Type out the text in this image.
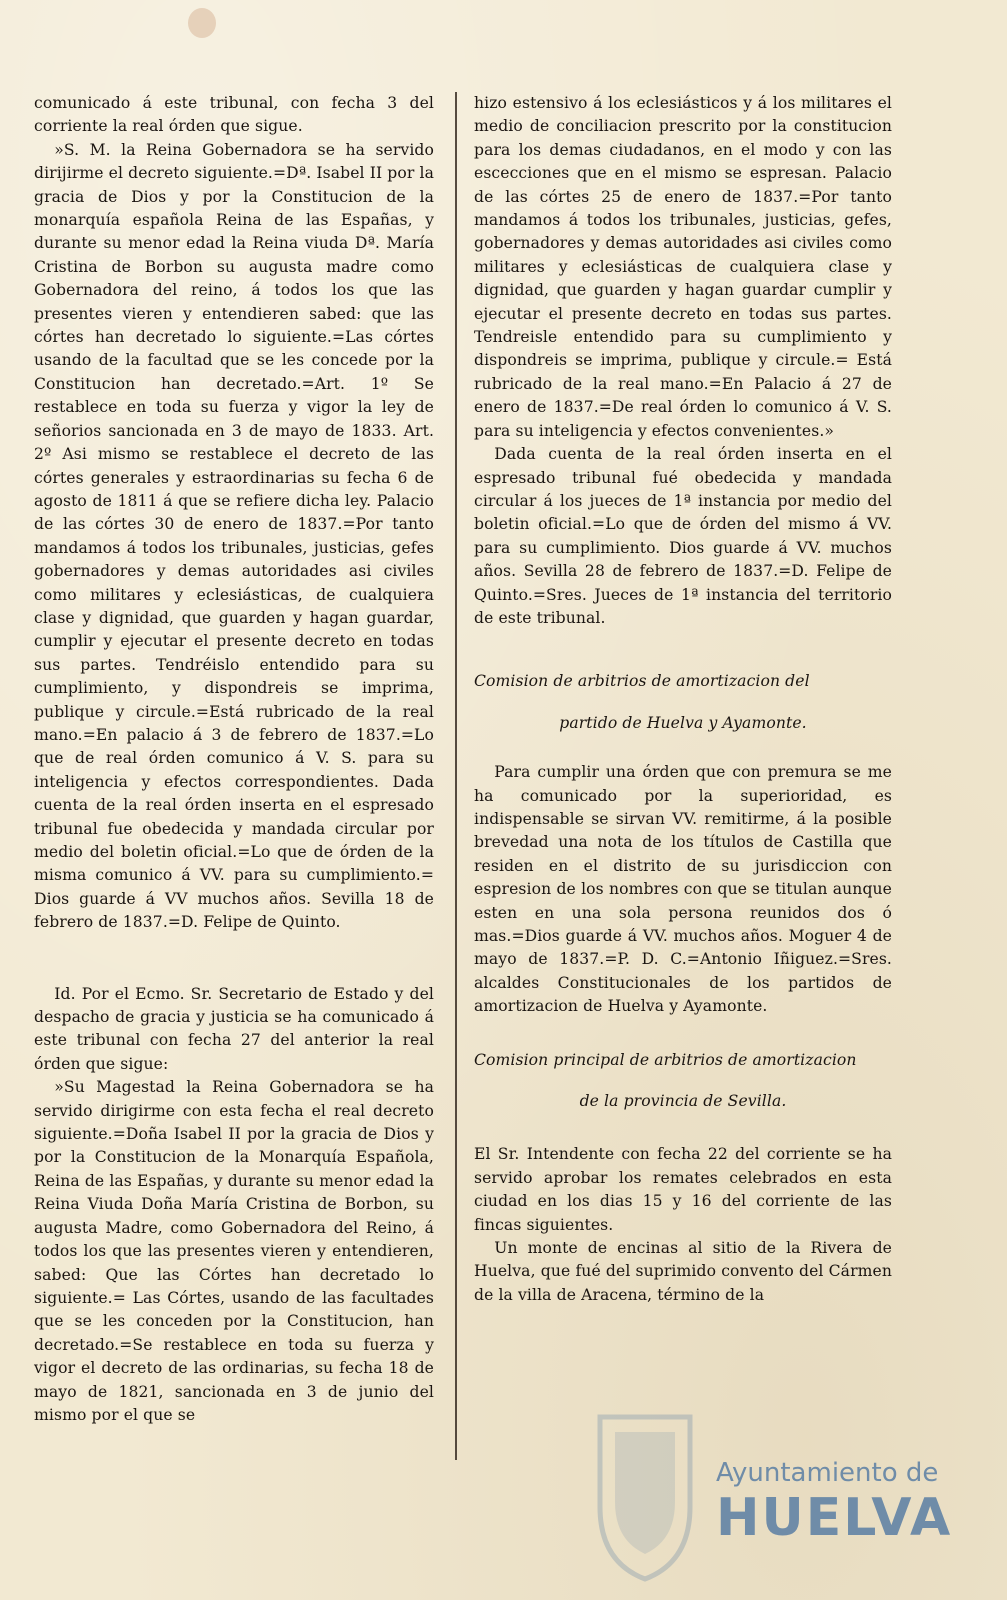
comunicado á este tribunal, con fecha 3 del corriente la real órden que sigue.

»S. M. la Reina Gobernadora se ha servido dirijirme el decreto siguiente.=Dª. Isabel II por la gracia de Dios y por la Constitucion de la monarquía española Reina de las Españas, y durante su menor edad la Reina viuda Dª. María Cristina de Borbon su augusta madre como Gobernadora del reino, á todos los que las presentes vieren y entendieren sabed: que las córtes han decretado lo siguiente.=Las córtes usando de la facultad que se les concede por la Constitucion han decretado.=Art. 1º Se restablece en toda su fuerza y vigor la ley de señorios sancionada en 3 de mayo de 1833. Art. 2º Asi mismo se restablece el decreto de las córtes generales y estraordinarias su fecha 6 de agosto de 1811 á que se refiere dicha ley. Palacio de las córtes 30 de enero de 1837.=Por tanto mandamos á todos los tribunales, justicias, gefes gobernadores y demas autoridades asi civiles como militares y eclesiásticas, de cualquiera clase y dignidad, que guarden y hagan guardar, cumplir y ejecutar el presente decreto en todas sus partes. Tendréislo entendido para su cumplimiento, y dispondreis se imprima, publique y circule.=Está rubricado de la real mano.=En palacio á 3 de febrero de 1837.=Lo que de real órden comunico á V. S. para su inteligencia y efectos correspondientes. Dada cuenta de la real órden inserta en el espresado tribunal fue obedecida y mandada circular por medio del boletin oficial.=Lo que de órden de la misma comunico á VV. para su cumplimiento.= Dios guarde á VV muchos años. Sevilla 18 de febrero de 1837.=D. Felipe de Quinto.

Id. Por el Ecmo. Sr. Secretario de Estado y del despacho de gracia y justicia se ha comunicado á este tribunal con fecha 27 del anterior la real órden que sigue:

»Su Magestad la Reina Gobernadora se ha servido dirigirme con esta fecha el real decreto siguiente.=Doña Isabel II por la gracia de Dios y por la Constitucion de la Monarquía Española, Reina de las Españas, y durante su menor edad la Reina Viuda Doña María Cristina de Borbon, su augusta Madre, como Gobernadora del Reino, á todos los que las presentes vieren y entendieren, sabed: Que las Córtes han decretado lo siguiente.= Las Córtes, usando de las facultades que se les conceden por la Constitucion, han decretado.=Se restablece en toda su fuerza y vigor el decreto de las ordinarias, su fecha 18 de mayo de 1821, sancionada en 3 de junio del mismo por el que se

hizo estensivo á los eclesiásticos y á los militares el medio de conciliacion prescrito por la constitucion para los demas ciudadanos, en el modo y con las escecciones que en el mismo se espresan. Palacio de las córtes 25 de enero de 1837.=Por tanto mandamos á todos los tribunales, justicias, gefes, gobernadores y demas autoridades asi civiles como militares y eclesiásticas de cualquiera clase y dignidad, que guarden y hagan guardar cumplir y ejecutar el presente decreto en todas sus partes. Tendreisle entendido para su cumplimiento y dispondreis se imprima, publique y circule.= Está rubricado de la real mano.=En Palacio á 27 de enero de 1837.=De real órden lo comunico á V. S. para su inteligencia y efectos convenientes.»

Dada cuenta de la real órden inserta en el espresado tribunal fué obedecida y mandada circular á los jueces de 1ª instancia por medio del boletin oficial.=Lo que de órden del mismo á VV. para su cumplimiento. Dios guarde á VV. muchos años. Sevilla 28 de febrero de 1837.=D. Felipe de Quinto.=Sres. Jueces de 1ª instancia del territorio de este tribunal.

Comision de arbitrios de amortizacion del

partido de Huelva y Ayamonte.

Para cumplir una órden que con premura se me ha comunicado por la superioridad, es indispensable se sirvan VV. remitirme, á la posible brevedad una nota de los títulos de Castilla que residen en el distrito de su jurisdiccion con espresion de los nombres con que se titulan aunque esten en una sola persona reunidos dos ó mas.=Dios guarde á VV. muchos años. Moguer 4 de mayo de 1837.=P. D. C.=Antonio Iñiguez.=Sres. alcaldes Constitucionales de los partidos de amortizacion de Huelva y Ayamonte.

Comision principal de arbitrios de amortizacion

de la provincia de Sevilla.

El Sr. Intendente con fecha 22 del corriente se ha servido aprobar los remates celebrados en esta ciudad en los dias 15 y 16 del corriente de las fincas siguientes.

Un monte de encinas al sitio de la Rivera de Huelva, que fué del suprimido convento del Cármen de la villa de Aracena, término de la

Ayuntamiento de
HUELVA
